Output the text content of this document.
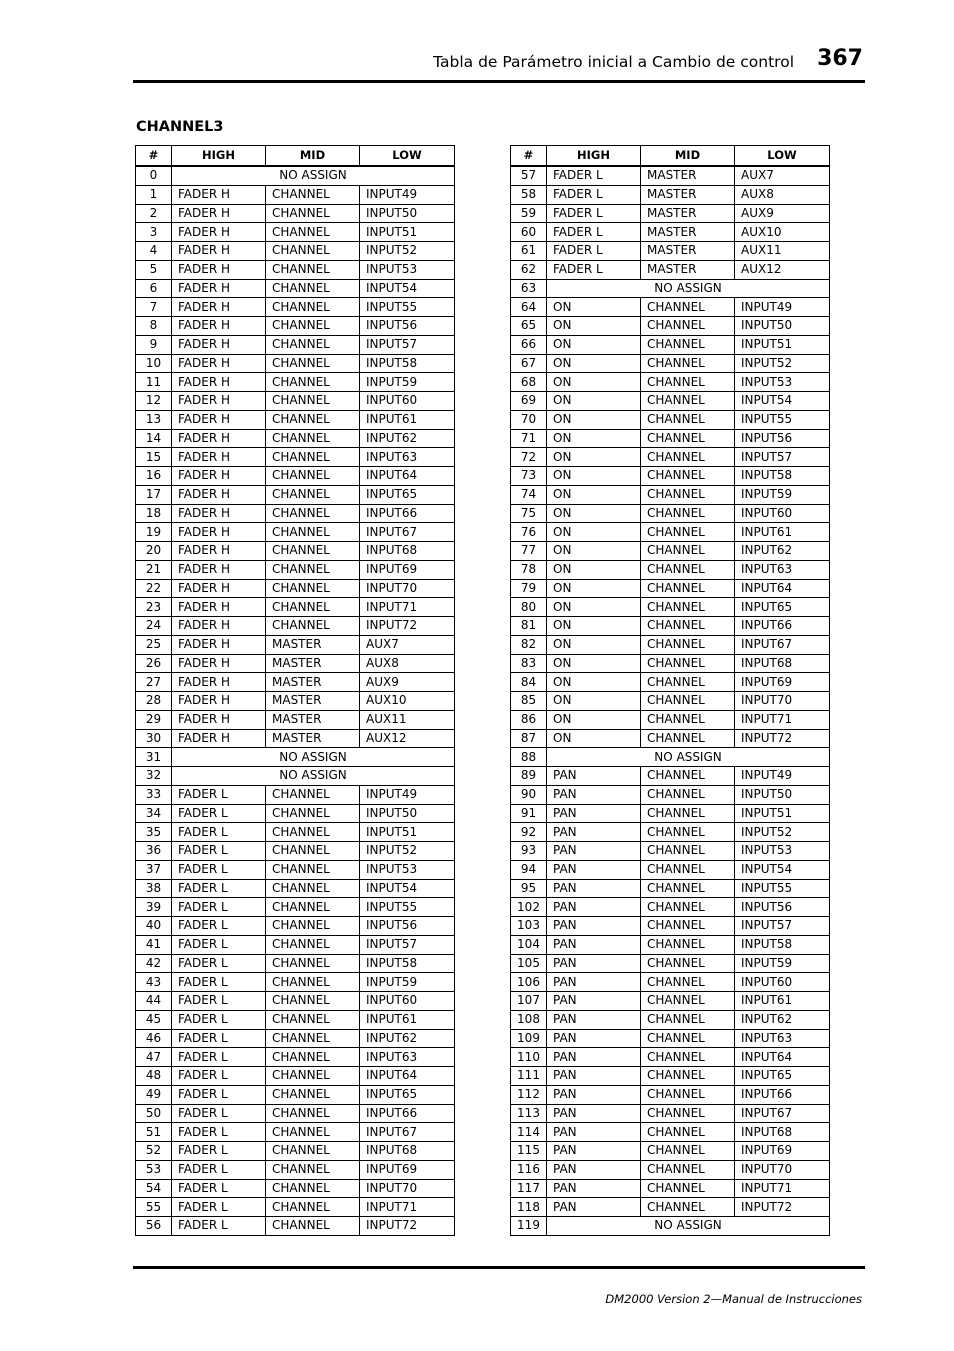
Tabla de Parámetro inicial a Cambio de control 367
CHANNEL3
#	HIGH	MID	LOW
0	NO ASSIGN		
1	FADER H	CHANNEL	INPUT49
2	FADER H	CHANNEL	INPUT50
3	FADER H	CHANNEL	INPUT51
4	FADER H	CHANNEL	INPUT52
5	FADER H	CHANNEL	INPUT53
6	FADER H	CHANNEL	INPUT54
7	FADER H	CHANNEL	INPUT55
8	FADER H	CHANNEL	INPUT56
9	FADER H	CHANNEL	INPUT57
10	FADER H	CHANNEL	INPUT58
11	FADER H	CHANNEL	INPUT59
12	FADER H	CHANNEL	INPUT60
13	FADER H	CHANNEL	INPUT61
14	FADER H	CHANNEL	INPUT62
15	FADER H	CHANNEL	INPUT63
16	FADER H	CHANNEL	INPUT64
17	FADER H	CHANNEL	INPUT65
18	FADER H	CHANNEL	INPUT66
19	FADER H	CHANNEL	INPUT67
20	FADER H	CHANNEL	INPUT68
21	FADER H	CHANNEL	INPUT69
22	FADER H	CHANNEL	INPUT70
23	FADER H	CHANNEL	INPUT71
24	FADER H	CHANNEL	INPUT72
25	FADER H	MASTER	AUX7
26	FADER H	MASTER	AUX8
27	FADER H	MASTER	AUX9
28	FADER H	MASTER	AUX10
29	FADER H	MASTER	AUX11
30	FADER H	MASTER	AUX12
31	NO ASSIGN		
32	NO ASSIGN		
33	FADER L	CHANNEL	INPUT49
34	FADER L	CHANNEL	INPUT50
35	FADER L	CHANNEL	INPUT51
36	FADER L	CHANNEL	INPUT52
37	FADER L	CHANNEL	INPUT53
38	FADER L	CHANNEL	INPUT54
39	FADER L	CHANNEL	INPUT55
40	FADER L	CHANNEL	INPUT56
41	FADER L	CHANNEL	INPUT57
42	FADER L	CHANNEL	INPUT58
43	FADER L	CHANNEL	INPUT59
44	FADER L	CHANNEL	INPUT60
45	FADER L	CHANNEL	INPUT61
46	FADER L	CHANNEL	INPUT62
47	FADER L	CHANNEL	INPUT63
48	FADER L	CHANNEL	INPUT64
49	FADER L	CHANNEL	INPUT65
50	FADER L	CHANNEL	INPUT66
51	FADER L	CHANNEL	INPUT67
52	FADER L	CHANNEL	INPUT68
53	FADER L	CHANNEL	INPUT69
54	FADER L	CHANNEL	INPUT70
55	FADER L	CHANNEL	INPUT71
56	FADER L	CHANNEL	INPUT72
#	HIGH	MID	LOW
57	FADER L	MASTER	AUX7
58	FADER L	MASTER	AUX8
59	FADER L	MASTER	AUX9
60	FADER L	MASTER	AUX10
61	FADER L	MASTER	AUX11
62	FADER L	MASTER	AUX12
63	NO ASSIGN		
64	ON	CHANNEL	INPUT49
65	ON	CHANNEL	INPUT50
66	ON	CHANNEL	INPUT51
67	ON	CHANNEL	INPUT52
68	ON	CHANNEL	INPUT53
69	ON	CHANNEL	INPUT54
70	ON	CHANNEL	INPUT55
71	ON	CHANNEL	INPUT56
72	ON	CHANNEL	INPUT57
73	ON	CHANNEL	INPUT58
74	ON	CHANNEL	INPUT59
75	ON	CHANNEL	INPUT60
76	ON	CHANNEL	INPUT61
77	ON	CHANNEL	INPUT62
78	ON	CHANNEL	INPUT63
79	ON	CHANNEL	INPUT64
80	ON	CHANNEL	INPUT65
81	ON	CHANNEL	INPUT66
82	ON	CHANNEL	INPUT67
83	ON	CHANNEL	INPUT68
84	ON	CHANNEL	INPUT69
85	ON	CHANNEL	INPUT70
86	ON	CHANNEL	INPUT71
87	ON	CHANNEL	INPUT72
88	NO ASSIGN		
89	PAN	CHANNEL	INPUT49
90	PAN	CHANNEL	INPUT50
91	PAN	CHANNEL	INPUT51
92	PAN	CHANNEL	INPUT52
93	PAN	CHANNEL	INPUT53
94	PAN	CHANNEL	INPUT54
95	PAN	CHANNEL	INPUT55
102	PAN	CHANNEL	INPUT56
103	PAN	CHANNEL	INPUT57
104	PAN	CHANNEL	INPUT58
105	PAN	CHANNEL	INPUT59
106	PAN	CHANNEL	INPUT60
107	PAN	CHANNEL	INPUT61
108	PAN	CHANNEL	INPUT62
109	PAN	CHANNEL	INPUT63
110	PAN	CHANNEL	INPUT64
111	PAN	CHANNEL	INPUT65
112	PAN	CHANNEL	INPUT66
113	PAN	CHANNEL	INPUT67
114	PAN	CHANNEL	INPUT68
115	PAN	CHANNEL	INPUT69
116	PAN	CHANNEL	INPUT70
117	PAN	CHANNEL	INPUT71
118	PAN	CHANNEL	INPUT72
119	NO ASSIGN		
DM2000 Version 2—Manual de Instrucciones
